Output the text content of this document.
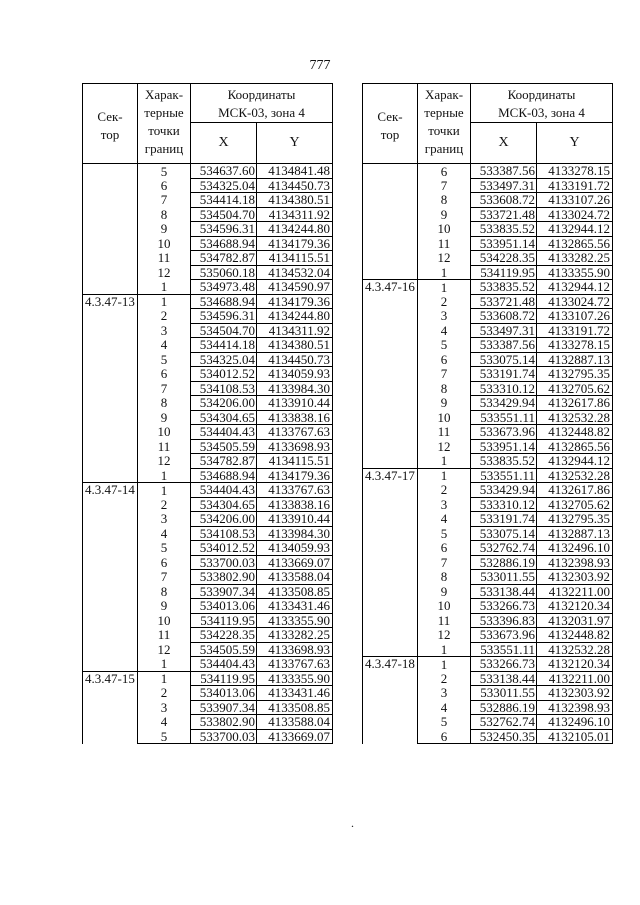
777
Сек-
тор	Харак-
терные
точки
границ	Координаты
МСК-03, зона 4	
		X	Y
	5	534637.60	4134841.48
	6	534325.04	4134450.73
	7	534414.18	4134380.51
	8	534504.70	4134311.92
	9	534596.31	4134244.80
	10	534688.94	4134179.36
	11	534782.87	4134115.51
	12	535060.18	4134532.04
	1	534973.48	4134590.97
4.3.47-13	1	534688.94	4134179.36
	2	534596.31	4134244.80
	3	534504.70	4134311.92
	4	534414.18	4134380.51
	5	534325.04	4134450.73
	6	534012.52	4134059.93
	7	534108.53	4133984.30
	8	534206.00	4133910.44
	9	534304.65	4133838.16
	10	534404.43	4133767.63
	11	534505.59	4133698.93
	12	534782.87	4134115.51
	1	534688.94	4134179.36
4.3.47-14	1	534404.43	4133767.63
	2	534304.65	4133838.16
	3	534206.00	4133910.44
	4	534108.53	4133984.30
	5	534012.52	4134059.93
	6	533700.03	4133669.07
	7	533802.90	4133588.04
	8	533907.34	4133508.85
	9	534013.06	4133431.46
	10	534119.95	4133355.90
	11	534228.35	4133282.25
	12	534505.59	4133698.93
	1	534404.43	4133767.63
4.3.47-15	1	534119.95	4133355.90
	2	534013.06	4133431.46
	3	533907.34	4133508.85
	4	533802.90	4133588.04
	5	533700.03	4133669.07
Сек-
тор	Харак-
терные
точки
границ	Координаты
МСК-03, зона 4	
		X	Y
	6	533387.56	4133278.15
	7	533497.31	4133191.72
	8	533608.72	4133107.26
	9	533721.48	4133024.72
	10	533835.52	4132944.12
	11	533951.14	4132865.56
	12	534228.35	4133282.25
	1	534119.95	4133355.90
4.3.47-16	1	533835.52	4132944.12
	2	533721.48	4133024.72
	3	533608.72	4133107.26
	4	533497.31	4133191.72
	5	533387.56	4133278.15
	6	533075.14	4132887.13
	7	533191.74	4132795.35
	8	533310.12	4132705.62
	9	533429.94	4132617.86
	10	533551.11	4132532.28
	11	533673.96	4132448.82
	12	533951.14	4132865.56
	1	533835.52	4132944.12
4.3.47-17	1	533551.11	4132532.28
	2	533429.94	4132617.86
	3	533310.12	4132705.62
	4	533191.74	4132795.35
	5	533075.14	4132887.13
	6	532762.74	4132496.10
	7	532886.19	4132398.93
	8	533011.55	4132303.92
	9	533138.44	4132211.00
	10	533266.73	4132120.34
	11	533396.83	4132031.97
	12	533673.96	4132448.82
	1	533551.11	4132532.28
4.3.47-18	1	533266.73	4132120.34
	2	533138.44	4132211.00
	3	533011.55	4132303.92
	4	532886.19	4132398.93
	5	532762.74	4132496.10
	6	532450.35	4132105.01
.
